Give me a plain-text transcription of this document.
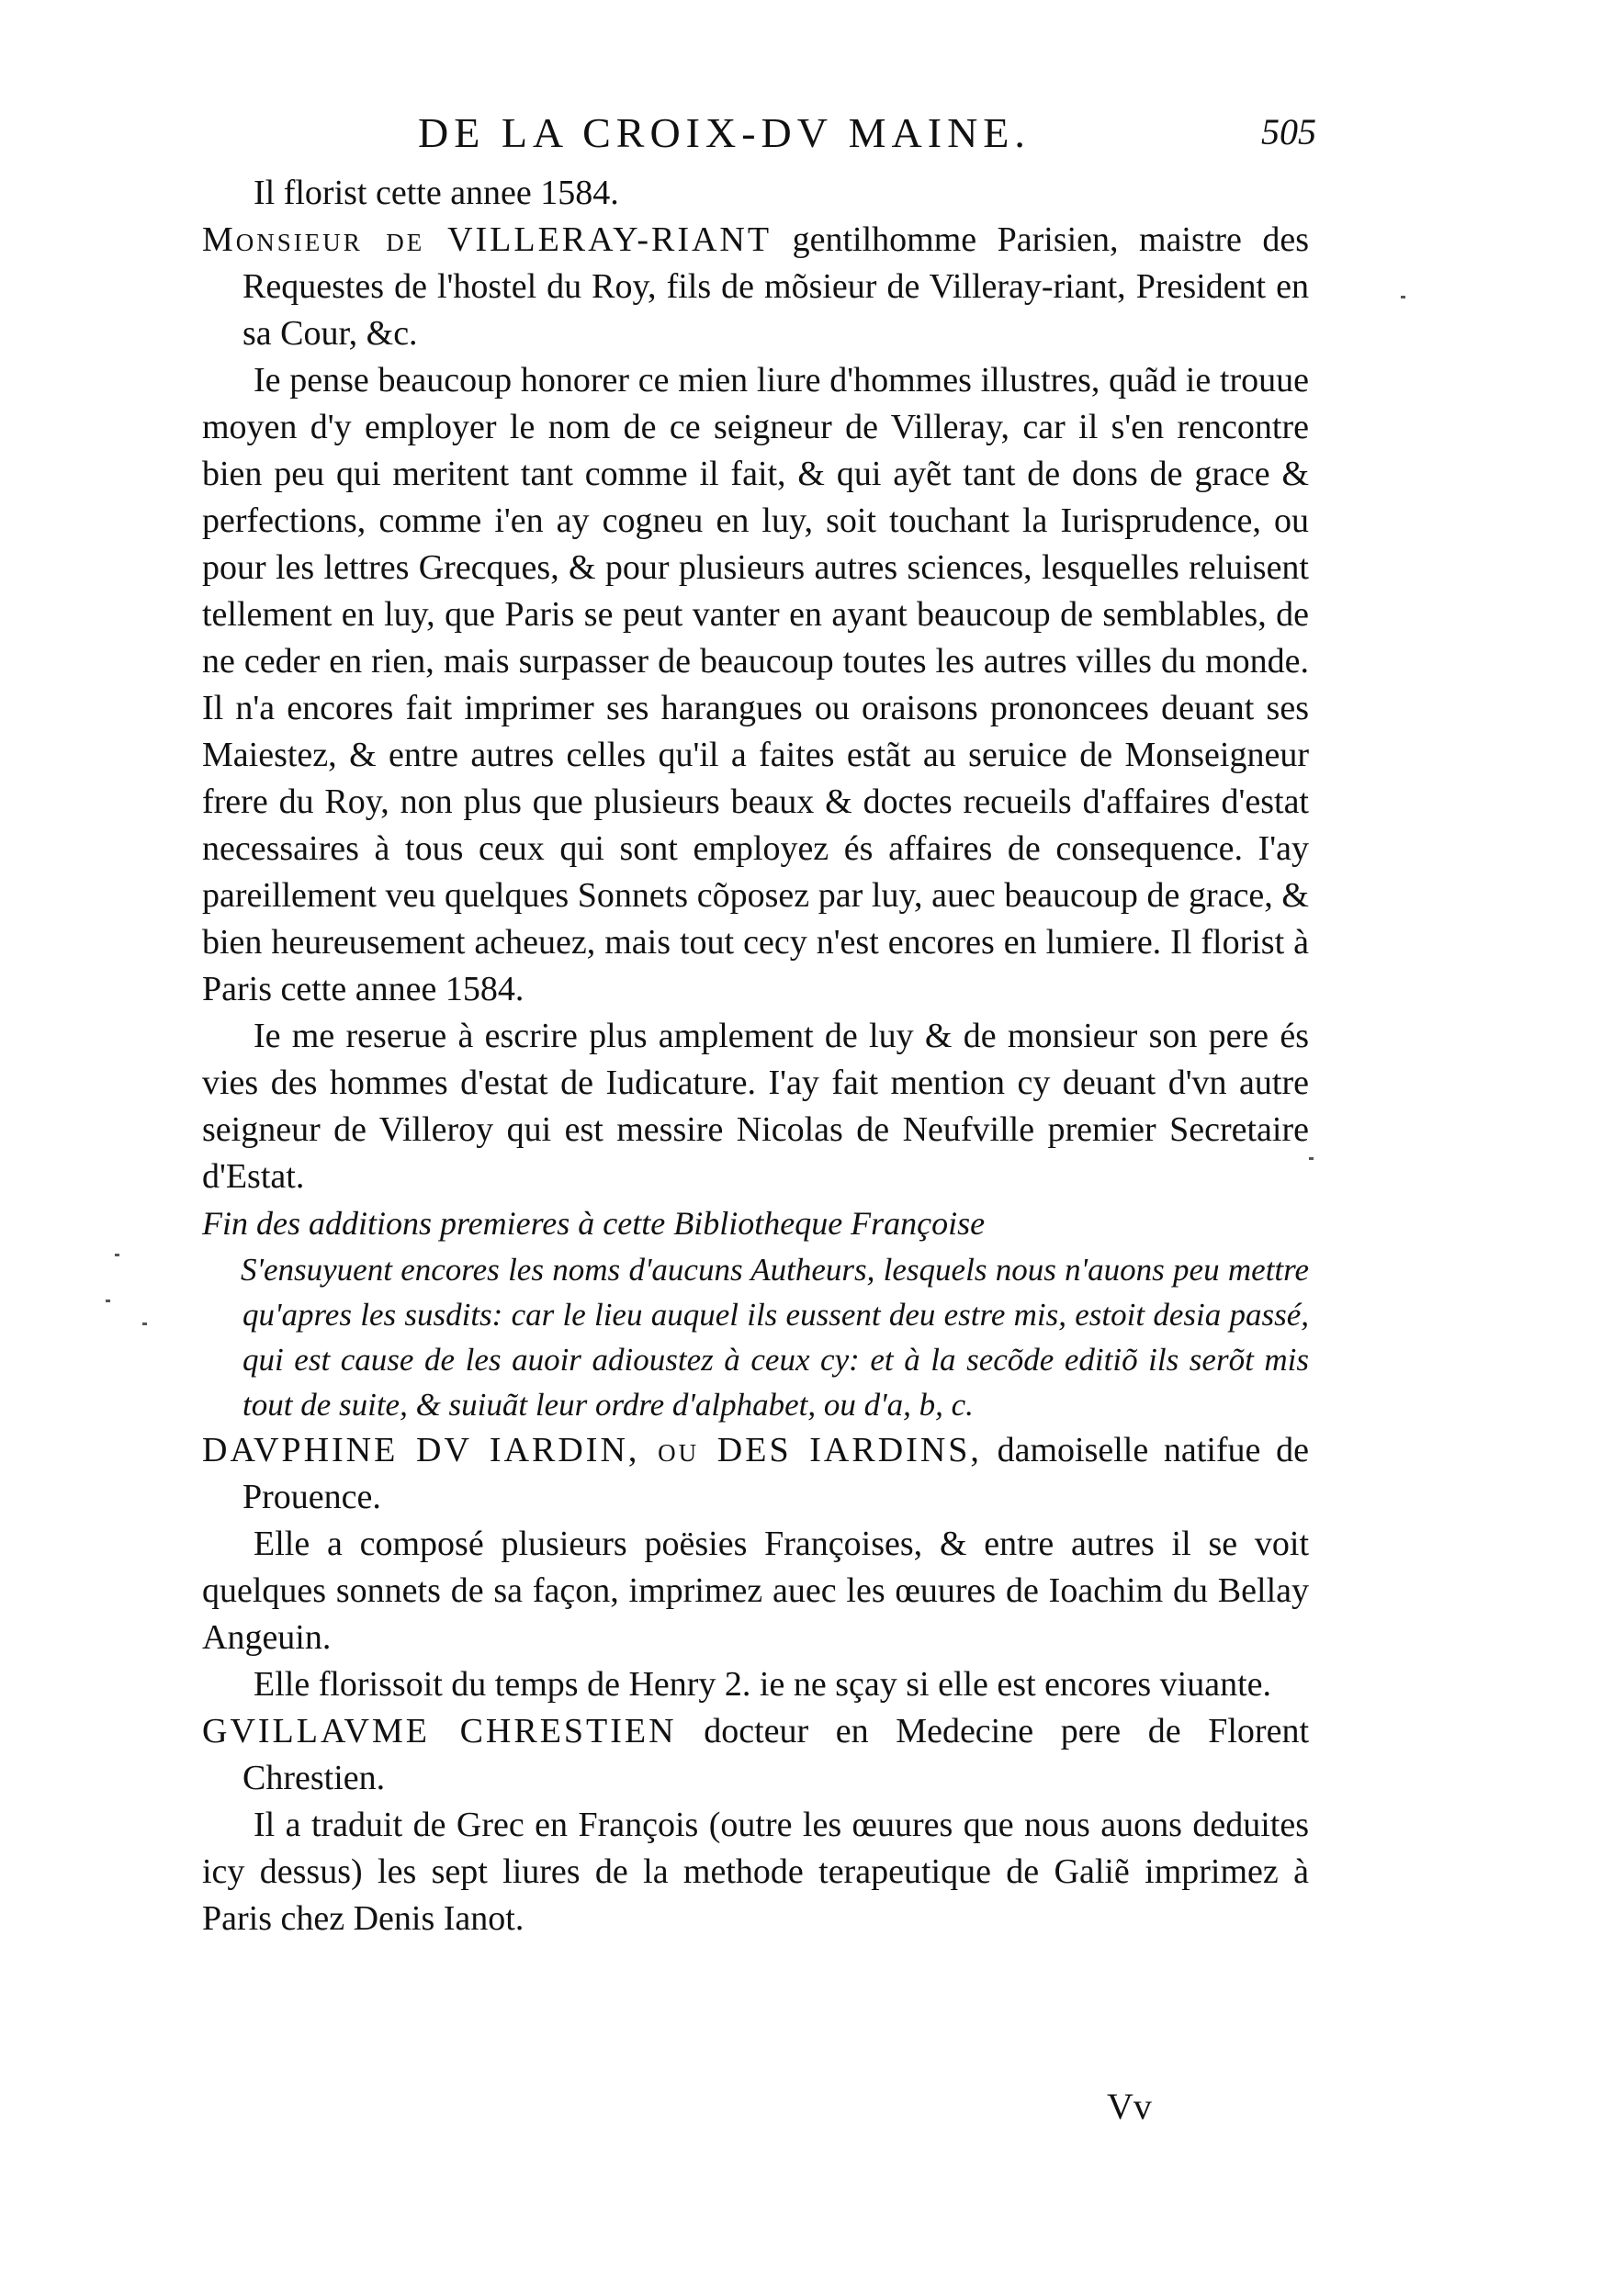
DE LA CROIX-DV MAINE.	505

Il florist cette annee 1584.

Monsieur de VILLERAY-RIANT gentilhomme Parisien, maistre des Requestes de l'hostel du Roy, fils de mõsieur de Villeray-riant, President en sa Cour, &c.

Ie pense beaucoup honorer ce mien liure d'hommes illustres, quãd ie trouue moyen d'y employer le nom de ce seigneur de Villeray, car il s'en rencontre bien peu qui meritent tant comme il fait, & qui ayẽt tant de dons de grace & perfections, comme i'en ay cogneu en luy, soit touchant la Iurisprudence, ou pour les lettres Grecques, & pour plusieurs autres sciences, lesquelles reluisent tellement en luy, que Paris se peut vanter en ayant beaucoup de semblables, de ne ceder en rien, mais surpasser de beaucoup toutes les autres villes du monde. Il n'a encores fait imprimer ses harangues ou oraisons prononcees deuant ses Maiestez, & entre autres celles qu'il a faites estãt au seruice de Monseigneur frere du Roy, non plus que plusieurs beaux & doctes recueils d'affaires d'estat necessaires à tous ceux qui sont employez és affaires de consequence. I'ay pareillement veu quelques Sonnets cõposez par luy, auec beaucoup de grace, & bien heureusement acheuez, mais tout cecy n'est encores en lumiere. Il florist à Paris cette annee 1584.

Ie me reserue à escrire plus amplement de luy & de monsieur son pere és vies des hommes d'estat de Iudicature. I'ay fait mention cy deuant d'vn autre seigneur de Villeroy qui est messire Nicolas de Neufville premier Secretaire d'Estat.

Fin des additions premieres à cette Bibliotheque Françoise

S'ensuyuent encores les noms d'aucuns Autheurs, lesquels nous n'auons peu mettre qu'apres les susdits: car le lieu auquel ils eussent deu estre mis, estoit desia passé, qui est cause de les auoir adioustez à ceux cy: et à la secõde editiõ ils serõt mis tout de suite, & suiuãt leur ordre d'alphabet, ou d'a, b, c.

DAVPHINE DV IARDIN, ou DES IARDINS, damoiselle natifue de Prouence.

Elle a composé plusieurs poësies Françoises, & entre autres il se voit quelques sonnets de sa façon, imprimez auec les œuures de Ioachim du Bellay Angeuin.

Elle florissoit du temps de Henry 2. ie ne sçay si elle est encores viuante.

GVILLAVME CHRESTIEN docteur en Medecine pere de Florent Chrestien.

Il a traduit de Grec en François (outre les œuures que nous auons deduites icy dessus) les sept liures de la methode terapeutique de Galiẽ imprimez à Paris chez Denis Ianot.

Vv
